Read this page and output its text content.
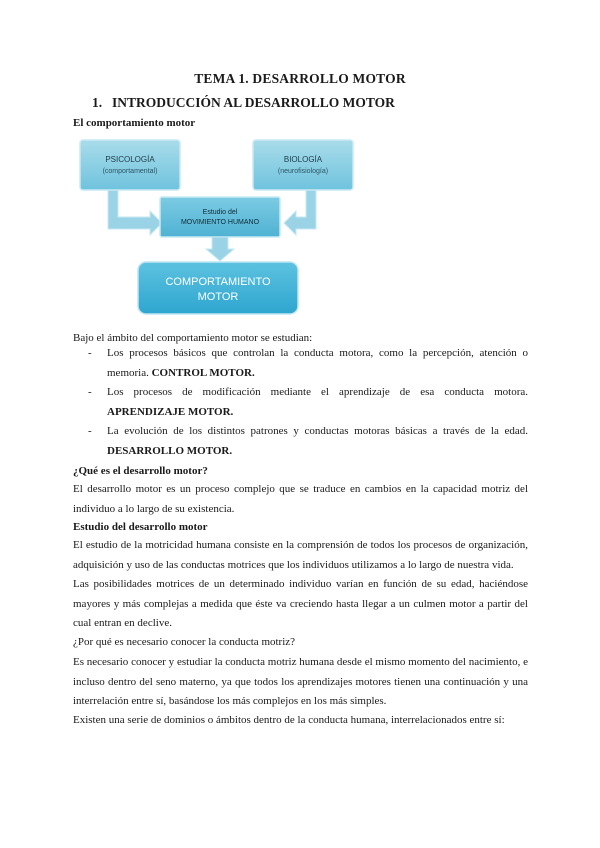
TEMA 1. DESARROLLO MOTOR
1. INTRODUCCIÓN AL DESARROLLO MOTOR
El comportamiento motor
PSICOLOGÍA
(comportamental)
BIOLOGÍA
(neurofisiología)
Estudio del
MOVIMIENTO HUMANO
COMPORTAMIENTO
MOTOR
Bajo el ámbito del comportamiento motor se estudian:
- Los procesos básicos que controlan la conducta motora, como la percepción, atención o memoria. CONTROL MOTOR.
- Los procesos de modificación mediante el aprendizaje de esa conducta motora. APRENDIZAJE MOTOR.
- La evolución de los distintos patrones y conductas motoras básicas a través de la edad. DESARROLLO MOTOR.
¿Qué es el desarrollo motor?
El desarrollo motor es un proceso complejo que se traduce en cambios en la capacidad motriz del individuo a lo largo de su existencia.
Estudio del desarrollo motor
El estudio de la motricidad humana consiste en la comprensión de todos los procesos de organización, adquisición y uso de las conductas motrices que los individuos utilizamos a lo largo de nuestra vida.
Las posibilidades motrices de un determinado individuo varían en función de su edad, haciéndose mayores y más complejas a medida que éste va creciendo hasta llegar a un culmen motor a partir del cual entran en declive.
¿Por qué es necesario conocer la conducta motriz?
Es necesario conocer y estudiar la conducta motriz humana desde el mismo momento del nacimiento, e incluso dentro del seno materno, ya que todos los aprendizajes motores tienen una continuación y una interrelación entre sí, basándose los más complejos en los más simples.
Existen una serie de dominios o ámbitos dentro de la conducta humana, interrelacionados entre sí:
